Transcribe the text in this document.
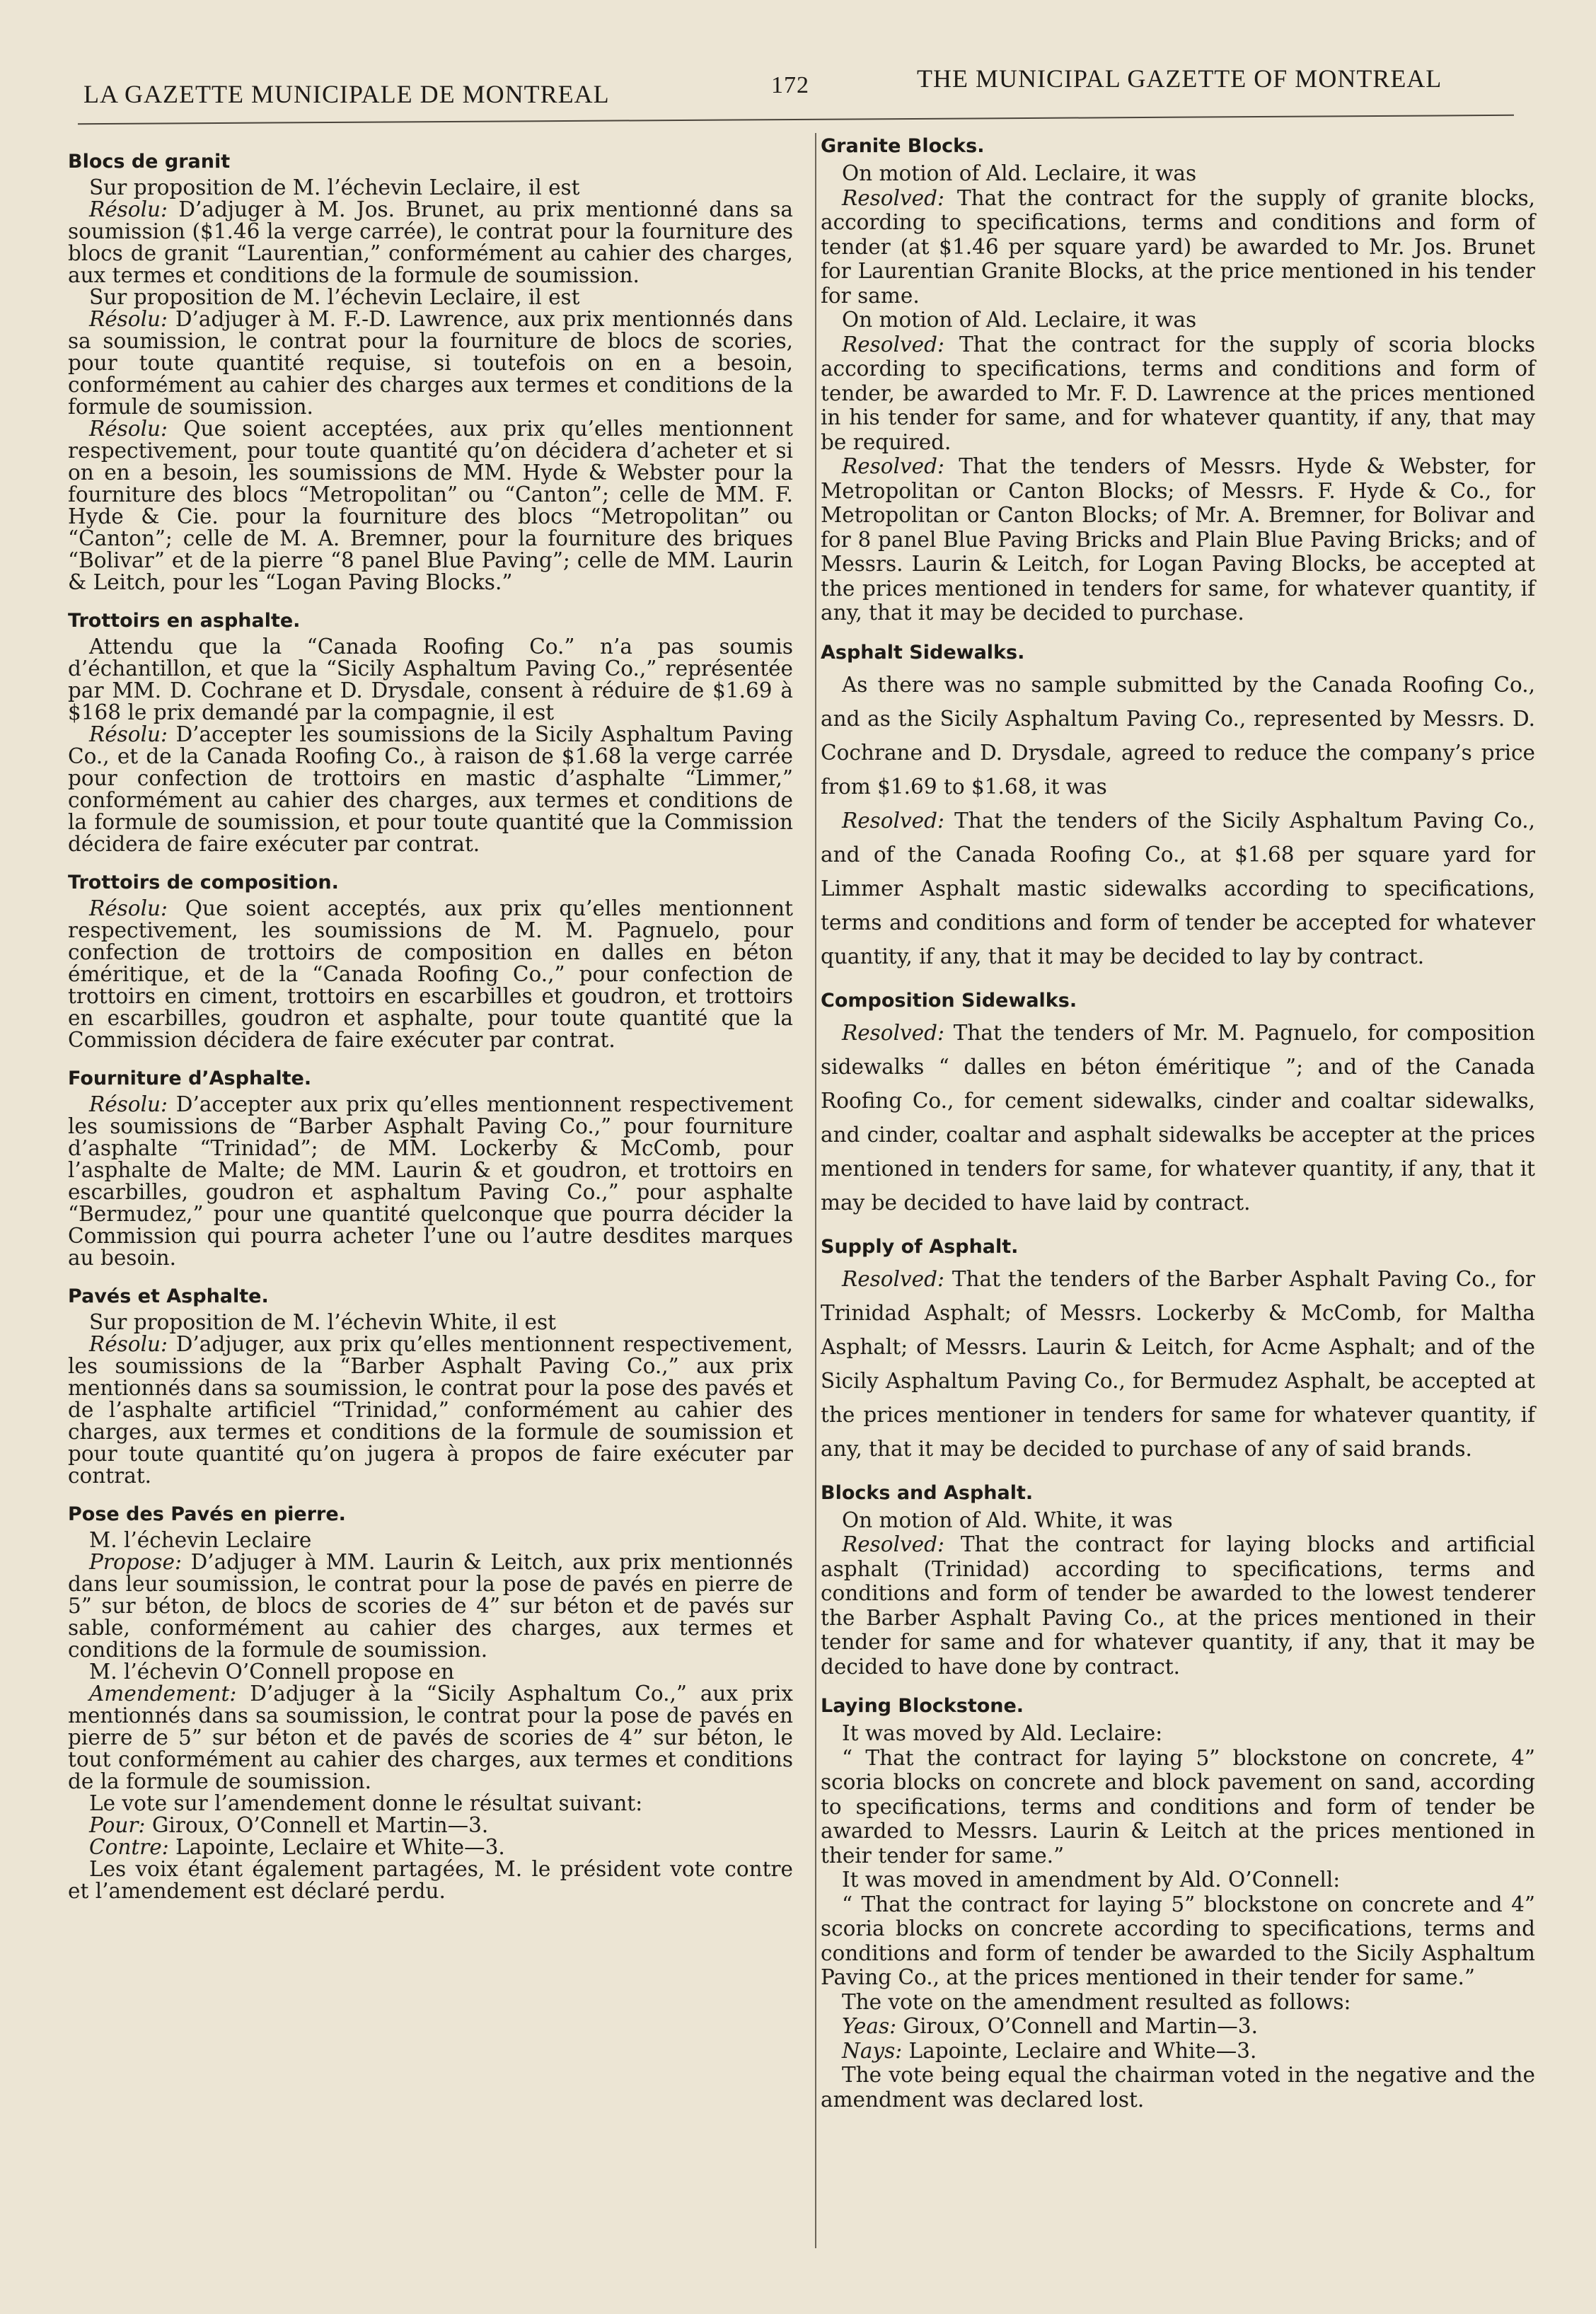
LA GAZETTE MUNICIPALE DE MONTREAL	172	THE MUNICIPAL GAZETTE OF MONTREAL
Blocs de granit

Sur proposition de M. l’échevin Leclaire, il est

Résolu: D’adjuger à M. Jos. Brunet, au prix mentionné dans sa soumission ($1.46 la verge carrée), le contrat pour la fourniture des blocs de granit “Laurentian,” conformément au cahier des charges, aux termes et conditions de la formule de soumission.

Sur proposition de M. l’échevin Leclaire, il est

Résolu: D’adjuger à M. F.-D. Lawrence, aux prix mentionnés dans sa soumission, le contrat pour la fourniture de blocs de scories, pour toute quantité requise, si toutefois on en a besoin, conformément au cahier des charges aux termes et conditions de la formule de soumission.

Résolu: Que soient acceptées, aux prix qu’elles mentionnent respectivement, pour toute quantité qu’on décidera d’acheter et si on en a besoin, les soumissions de MM. Hyde & Webster pour la fourniture des blocs “Metropolitan” ou “Canton”; celle de MM. F. Hyde & Cie. pour la fourniture des blocs “Metropolitan” ou “Canton”; celle de M. A. Bremner, pour la fourniture des briques “Bolivar” et de la pierre “8 panel Blue Paving”; celle de MM. Laurin & Leitch, pour les “Logan Paving Blocks.”

Trottoirs en asphalte.

Attendu que la “Canada Roofing Co.” n’a pas soumis d’échantillon, et que la “Sicily Asphaltum Paving Co.,” représentée par MM. D. Cochrane et D. Drysdale, consent à réduire de $1.69 à $168 le prix demandé par la compagnie, il est

Résolu: D’accepter les soumissions de la Sicily Asphaltum Paving Co., et de la Canada Roofing Co., à raison de $1.68 la verge carrée pour confection de trottoirs en mastic d’asphalte “Limmer,” conformément au cahier des charges, aux termes et conditions de la formule de soumission, et pour toute quantité que la Commission décidera de faire exécuter par contrat.

Trottoirs de composition.

Résolu: Que soient acceptés, aux prix qu’elles mentionnent respectivement, les soumissions de M. M. Pagnuelo, pour confection de trottoirs de composition en dalles en béton éméritique, et de la “Canada Roofing Co.,” pour confection de trottoirs en ciment, trottoirs en escarbilles et goudron, et trottoirs en escarbilles, goudron et asphalte, pour toute quantité que la Commission décidera de faire exécuter par contrat.

Fourniture d’Asphalte.

Résolu: D’accepter aux prix qu’elles mentionnent respectivement les soumissions de “Barber Asphalt Paving Co.,” pour fourniture d’asphalte “Trinidad”; de MM. Lockerby & McComb, pour l’asphalte de Malte; de MM. Laurin & et goudron, et trottoirs en escarbilles, goudron et asphaltum Paving Co.,” pour asphalte “Bermudez,” pour une quantité quelconque que pourra décider la Commission qui pourra acheter l’une ou l’autre desdites marques au besoin.

Pavés et Asphalte.

Sur proposition de M. l’échevin White, il est

Résolu: D’adjuger, aux prix qu’elles mentionnent respectivement, les soumissions de la “Barber Asphalt Paving Co.,” aux prix mentionnés dans sa soumission, le contrat pour la pose des pavés et de l’asphalte artificiel “Trinidad,” conformément au cahier des charges, aux termes et conditions de la formule de soumission et pour toute quantité qu’on jugera à propos de faire exécuter par contrat.

Pose des Pavés en pierre.

M. l’échevin Leclaire

Propose: D’adjuger à MM. Laurin & Leitch, aux prix mentionnés dans leur soumission, le contrat pour la pose de pavés en pierre de 5” sur béton, de blocs de scories de 4” sur béton et de pavés sur sable, conformément au cahier des charges, aux termes et conditions de la formule de soumission.

M. l’échevin O’Connell propose en

Amendement: D’adjuger à la “Sicily Asphaltum Co.,” aux prix mentionnés dans sa soumission, le contrat pour la pose de pavés en pierre de 5” sur béton et de pavés de scories de 4” sur béton, le tout conformément au cahier des charges, aux termes et conditions de la formule de soumission.

Le vote sur l’amendement donne le résultat suivant:

Pour: Giroux, O’Connell et Martin—3.

Contre: Lapointe, Leclaire et White—3.

Les voix étant également partagées, M. le président vote contre et l’amendement est déclaré perdu.

Granite Blocks.

On motion of Ald. Leclaire, it was

Resolved: That the contract for the supply of granite blocks, according to specifications, terms and conditions and form of tender (at $1.46 per square yard) be awarded to Mr. Jos. Brunet for Laurentian Granite Blocks, at the price mentioned in his tender for same.

On motion of Ald. Leclaire, it was

Resolved: That the contract for the supply of scoria blocks according to specifications, terms and conditions and form of tender, be awarded to Mr. F. D. Lawrence at the prices mentioned in his tender for same, and for whatever quantity, if any, that may be required.

Resolved: That the tenders of Messrs. Hyde & Webster, for Metropolitan or Canton Blocks; of Messrs. F. Hyde & Co., for Metropolitan or Canton Blocks; of Mr. A. Bremner, for Bolivar and for 8 panel Blue Paving Bricks and Plain Blue Paving Bricks; and of Messrs. Laurin & Leitch, for Logan Paving Blocks, be accepted at the prices mentioned in tenders for same, for whatever quantity, if any, that it may be decided to purchase.

Asphalt Sidewalks.

As there was no sample submitted by the Canada Roofing Co., and as the Sicily Asphaltum Paving Co., represented by Messrs. D. Cochrane and D. Drysdale, agreed to reduce the company’s price from $1.69 to $1.68, it was

Resolved: That the tenders of the Sicily Asphaltum Paving Co., and of the Canada Roofing Co., at $1.68 per square yard for Limmer Asphalt mastic sidewalks according to specifications, terms and conditions and form of tender be accepted for whatever quantity, if any, that it may be decided to lay by contract.

Composition Sidewalks.

Resolved: That the tenders of Mr. M. Pagnuelo, for composition sidewalks “ dalles en béton éméritique ”; and of the Canada Roofing Co., for cement sidewalks, cinder and coaltar sidewalks, and cinder, coaltar and asphalt sidewalks be accepter at the prices mentioned in tenders for same, for whatever quantity, if any, that it may be decided to have laid by contract.

Supply of Asphalt.

Resolved: That the tenders of the Barber Asphalt Paving Co., for Trinidad Asphalt; of Messrs. Lockerby & McComb, for Maltha Asphalt; of Messrs. Laurin & Leitch, for Acme Asphalt; and of the Sicily Asphaltum Paving Co., for Bermudez Asphalt, be accepted at the prices mentioner in tenders for same for whatever quantity, if any, that it may be decided to purchase of any of said brands.

Blocks and Asphalt.

On motion of Ald. White, it was

Resolved: That the contract for laying blocks and artificial asphalt (Trinidad) according to specifications, terms and conditions and form of tender be awarded to the lowest tenderer the Barber Asphalt Paving Co., at the prices mentioned in their tender for same and for whatever quantity, if any, that it may be decided to have done by contract.

Laying Blockstone.

It was moved by Ald. Leclaire:

“ That the contract for laying 5” blockstone on concrete, 4” scoria blocks on concrete and block pavement on sand, according to specifications, terms and conditions and form of tender be awarded to Messrs. Laurin & Leitch at the prices mentioned in their tender for same.”

It was moved in amendment by Ald. O’Connell:

“ That the contract for laying 5” blockstone on concrete and 4” scoria blocks on concrete according to specifications, terms and conditions and form of tender be awarded to the Sicily Asphaltum Paving Co., at the prices mentioned in their tender for same.”

The vote on the amendment resulted as follows:

Yeas: Giroux, O’Connell and Martin—3.

Nays: Lapointe, Leclaire and White—3.

The vote being equal the chairman voted in the negative and the amendment was declared lost.
